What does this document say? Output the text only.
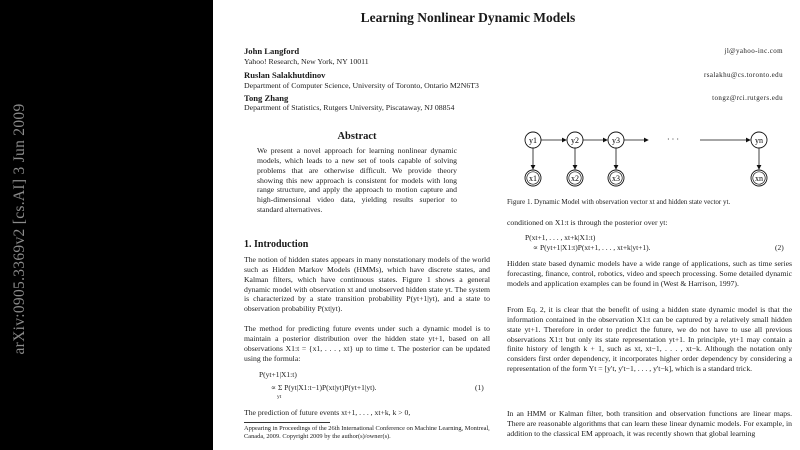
arXiv:0905.3369v2 [cs.AI] 3 Jun 2009
Learning Nonlinear Dynamic Models
John Langford	jl@yahoo-inc.com
Yahoo! Research, New York, NY 10011
Ruslan Salakhutdinov	rsalakhu@cs.toronto.edu
Department of Computer Science, University of Toronto, Ontario M2N6T3
Tong Zhang	tongz@rci.rutgers.edu
Department of Statistics, Rutgers University, Piscataway, NJ 08854
Abstract
We present a novel approach for learning nonlinear dynamic models, which leads to a new set of tools capable of solving problems that are otherwise difficult. We provide theory showing this new approach is consistent for models with long range structure, and apply the approach to motion capture and high-dimensional video data, yielding results superior to standard alternatives.
1. Introduction
The notion of hidden states appears in many nonstationary models of the world such as Hidden Markov Models (HMMs), which have discrete states, and Kalman filters, which have continuous states. Figure 1 shows a general dynamic model with observation xt and unobserved hidden state yt. The system is characterized by a state transition probability P(yt+1|yt), and a state to observation probability P(xt|yt).
The method for predicting future events under such a dynamic model is to maintain a posterior distribution over the hidden state yt+1, based on all observations X1:t = {x1, . . . , xt} up to time t. The posterior can be updated using the formula:
P(yt+1|X1:t)
∝ Σ P(yt|X1:t−1)P(xt|yt)P(yt+1|yt).
yt
(1)
The prediction of future events xt+1, . . . , xt+k, k > 0,
Appearing in Proceedings of the 26th International Conference on Machine Learning, Montreal, Canada, 2009. Copyright 2009 by the author(s)/owner(s).
y1	y2	y3	yn
· · ·
x1	x2	x3	xn
Figure 1. Dynamic Model with observation vector xt and hidden state vector yt.
conditioned on X1:t is through the posterior over yt:
P(xt+1, . . . , xt+k|X1:t)
∝ P(yt+1|X1:t)P(xt+1, . . . , xt+k|yt+1).	(2)
Hidden state based dynamic models have a wide range of applications, such as time series forecasting, finance, control, robotics, video and speech processing. Some detailed dynamic models and application examples can be found in (West & Harrison, 1997).
From Eq. 2, it is clear that the benefit of using a hidden state dynamic model is that the information contained in the observation X1:t can be captured by a relatively small hidden state yt+1. Therefore in order to predict the future, we do not have to use all previous observations X1:t but only its state representation yt+1. In principle, yt+1 may contain a finite history of length k + 1, such as xt, xt−1, . . . , xt−k. Although the notation only considers first order dependency, it incorporates higher order dependency by considering a representation of the form Yt = [y't, y't−1, . . . , y't−k], which is a standard trick.
In an HMM or Kalman filter, both transition and observation functions are linear maps. There are reasonable algorithms that can learn these linear dynamic models. For example, in addition to the classical EM approach, it was recently shown that global learning
